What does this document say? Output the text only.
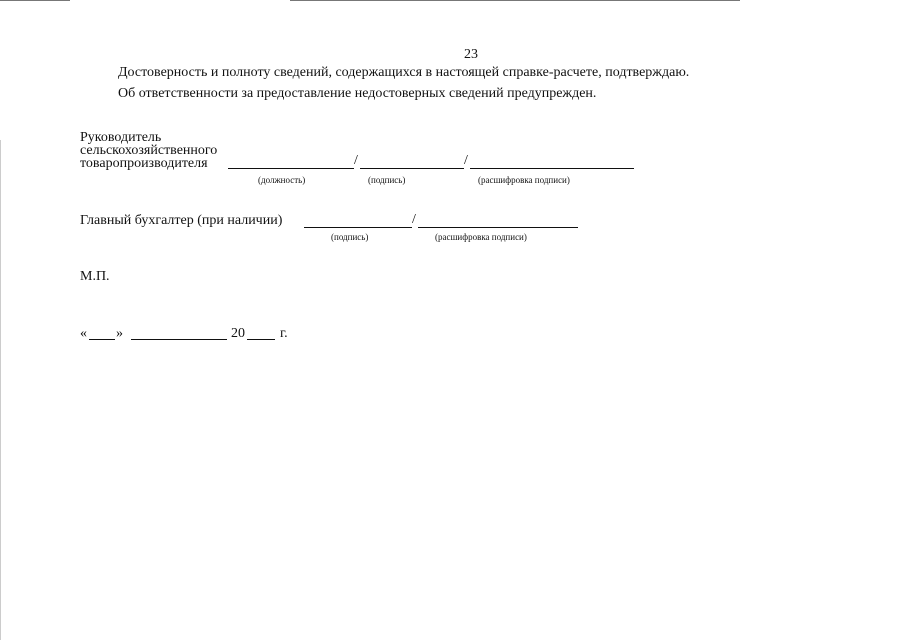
23
Достоверность и полноту сведений, содержащихся в настоящей справке-расчете, подтверждаю.
Об ответственности за предоставление недостоверных сведений предупрежден.
Руководитель
сельскохозяйственного
товаропроизводителя	/	/
(должность)	(подпись)	(расшифровка подписи)
Главный бухгалтер (при наличии)	/
(подпись)	(расшифровка подписи)
М.П.
« »	20	г.
